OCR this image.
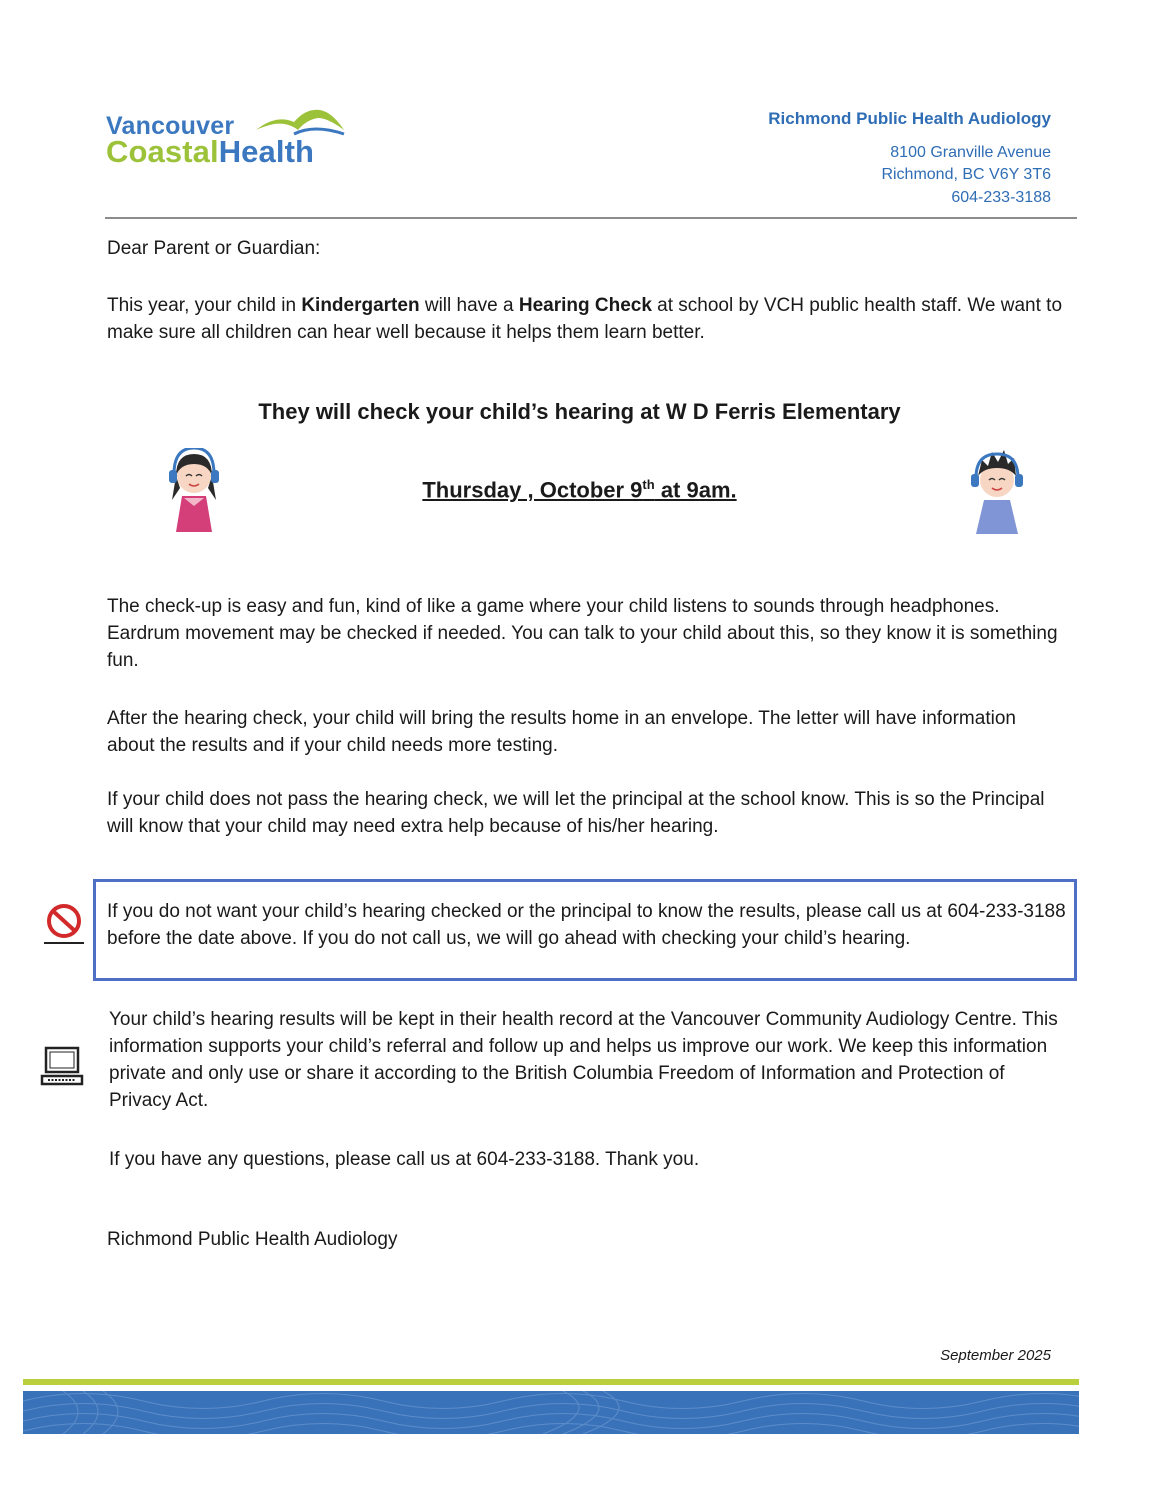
Vancouver
CoastalHealth
Richmond Public Health Audiology
8100 Granville Avenue
Richmond, BC V6Y 3T6
604-233-3188
Dear Parent or Guardian:
This year, your child in Kindergarten will have a Hearing Check at school by VCH public health staff. We want to make sure all children can hear well because it helps them learn better.
They will check your child’s hearing at W D Ferris Elementary
Thursday , October 9th at 9am.
The check-up is easy and fun, kind of like a game where your child listens to sounds through headphones. Eardrum movement may be checked if needed. You can talk to your child about this, so they know it is something fun.
After the hearing check, your child will bring the results home in an envelope. The letter will have information about the results and if your child needs more testing.
If your child does not pass the hearing check, we will let the principal at the school know. This is so the Principal will know that your child may need extra help because of his/her hearing.
If you do not want your child’s hearing checked or the principal to know the results, please call us at 604-233-3188 before the date above. If you do not call us, we will go ahead with checking your child’s hearing.
Your child’s hearing results will be kept in their health record at the Vancouver Community Audiology Centre. This information supports your child’s referral and follow up and helps us improve our work. We keep this information private and only use or share it according to the British Columbia Freedom of Information and Protection of Privacy Act.
If you have any questions, please call us at 604-233-3188. Thank you.
Richmond Public Health Audiology
September 2025
